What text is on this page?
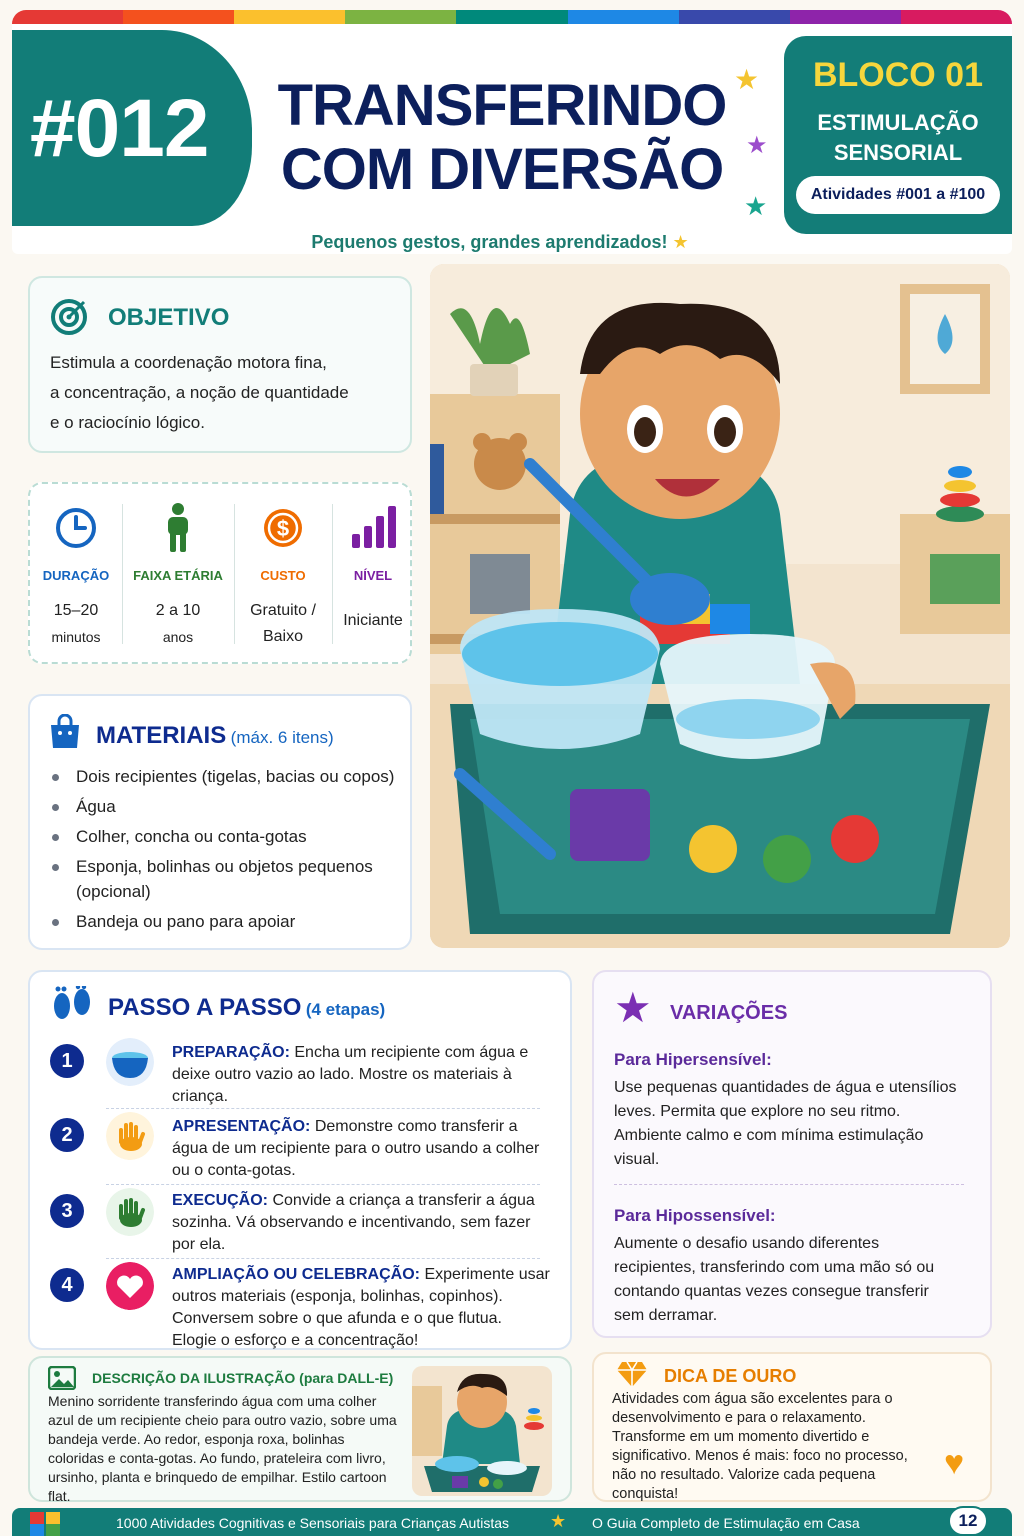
#012 TRANSFERINDO
COM DIVERSÃO
Pequenos gestos, grandes aprendizados! ★
★
★
★
BLOCO 01
ESTIMULAÇÃO
SENSORIAL
Atividades #001 a #100
OBJETIVO
Estimula a coordenação motora fina,
a concentração, a noção de quantidade
e o raciocínio lógico.
DURAÇÃO
15–20
minutos
FAIXA ETÁRIA
2 a 10
anos
$
CUSTO
Gratuito /
Baixo
NÍVEL
Iniciante
MATERIAIS (máx. 6 itens)
Dois recipientes (tigelas, bacias ou copos)
Água
Colher, concha ou conta-gotas
Esponja, bolinhas ou objetos pequenos (opcional)
Bandeja ou pano para apoiar
PASSO A PASSO (4 etapas)
1	PREPARAÇÃO: Encha um recipiente com água e deixe outro vazio ao lado. Mostre os materiais à criança.
2	APRESENTAÇÃO: Demonstre como transferir a água de um recipiente para o outro usando a colher ou o conta-gotas.
3	EXECUÇÃO: Convide a criança a transferir a água sozinha. Vá observando e incentivando, sem fazer por ela.
4	AMPLIAÇÃO OU CELEBRAÇÃO: Experimente usar outros materiais (esponja, bolinhas, copinhos). Conversem sobre o que afunda e o que flutua. Elogie o esforço e a concentração!
★ VARIAÇÕES
Para Hipersensível:
Use pequenas quantidades de água e utensílios leves. Permita que explore no seu ritmo. Ambiente calmo e com mínima estimulação visual.
Para Hipossensível:
Aumente o desafio usando diferentes recipientes, transferindo com uma mão só ou contando quantas vezes consegue transferir sem derramar.
DESCRIÇÃO DA ILUSTRAÇÃO (para DALL-E)
Menino sorridente transferindo água com uma colher azul de um recipiente cheio para outro vazio, sobre uma bandeja verde. Ao redor, esponja roxa, bolinhas coloridas e conta-gotas. Ao fundo, prateleira com livro, ursinho, planta e brinquedo de empilhar. Estilo cartoon flat.
DICA DE OURO
Atividades com água são excelentes para o desenvolvimento e para o relaxamento. Transforme em um momento divertido e significativo. Menos é mais: foco no processo, não no resultado. Valorize cada pequena conquista!
♥
1000 Atividades Cognitivas e Sensoriais para Crianças Autistas ★ O Guia Completo de Estimulação em Casa	12
